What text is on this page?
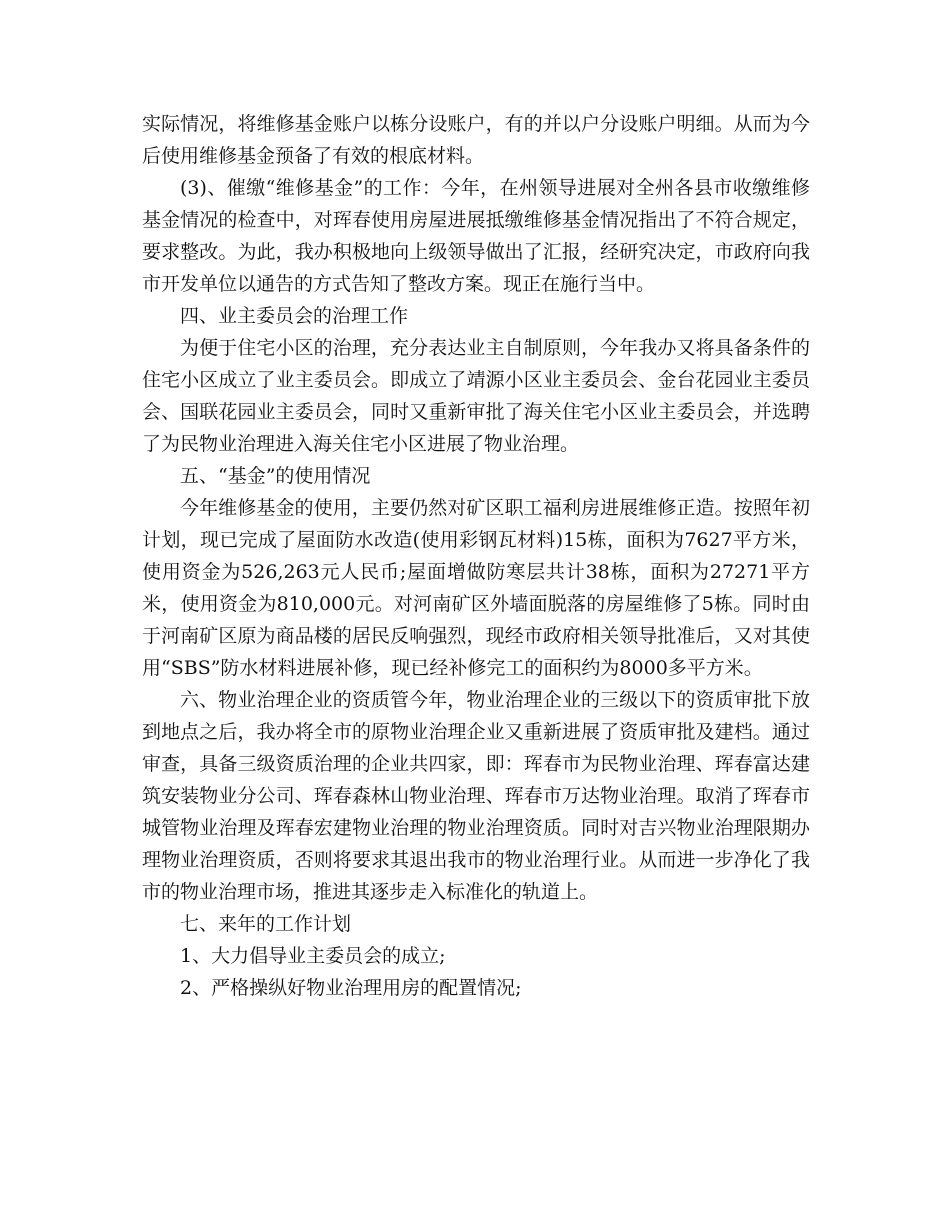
实际情况，将维修基金账户以栋分设账户，有的并以户分设账户明细。从而为今后使用维修基金预备了有效的根底材料。

(3)、催缴“维修基金”的工作：今年，在州领导进展对全州各县市收缴维修基金情况的检查中，对珲春使用房屋进展抵缴维修基金情况指出了不符合规定，要求整改。为此，我办积极地向上级领导做出了汇报，经研究决定，市政府向我市开发单位以通告的方式告知了整改方案。现正在施行当中。

四、业主委员会的治理工作

为便于住宅小区的治理，充分表达业主自制原则，今年我办又将具备条件的住宅小区成立了业主委员会。即成立了靖源小区业主委员会、金台花园业主委员会、国联花园业主委员会，同时又重新审批了海关住宅小区业主委员会，并选聘了为民物业治理进入海关住宅小区进展了物业治理。

五、“基金”的使用情况

今年维修基金的使用，主要仍然对矿区职工福利房进展维修正造。按照年初计划，现已完成了屋面防水改造(使用彩钢瓦材料)15栋，面积为7627平方米，使用资金为526,263元人民币;屋面增做防寒层共计38栋，面积为27271平方米，使用资金为810,000元。对河南矿区外墙面脱落的房屋维修了5栋。同时由于河南矿区原为商品楼的居民反响强烈，现经市政府相关领导批准后，又对其使用“SBS”防水材料进展补修，现已经补修完工的面积约为8000多平方米。

六、物业治理企业的资质管今年，物业治理企业的三级以下的资质审批下放到地点之后，我办将全市的原物业治理企业又重新进展了资质审批及建档。通过审查，具备三级资质治理的企业共四家，即：珲春市为民物业治理、珲春富达建筑安装物业分公司、珲春森林山物业治理、珲春市万达物业治理。取消了珲春市城管物业治理及珲春宏建物业治理的物业治理资质。同时对吉兴物业治理限期办理物业治理资质，否则将要求其退出我市的物业治理行业。从而进一步净化了我市的物业治理市场，推进其逐步走入标准化的轨道上。

七、来年的工作计划

1、大力倡导业主委员会的成立;

2、严格操纵好物业治理用房的配置情况;
